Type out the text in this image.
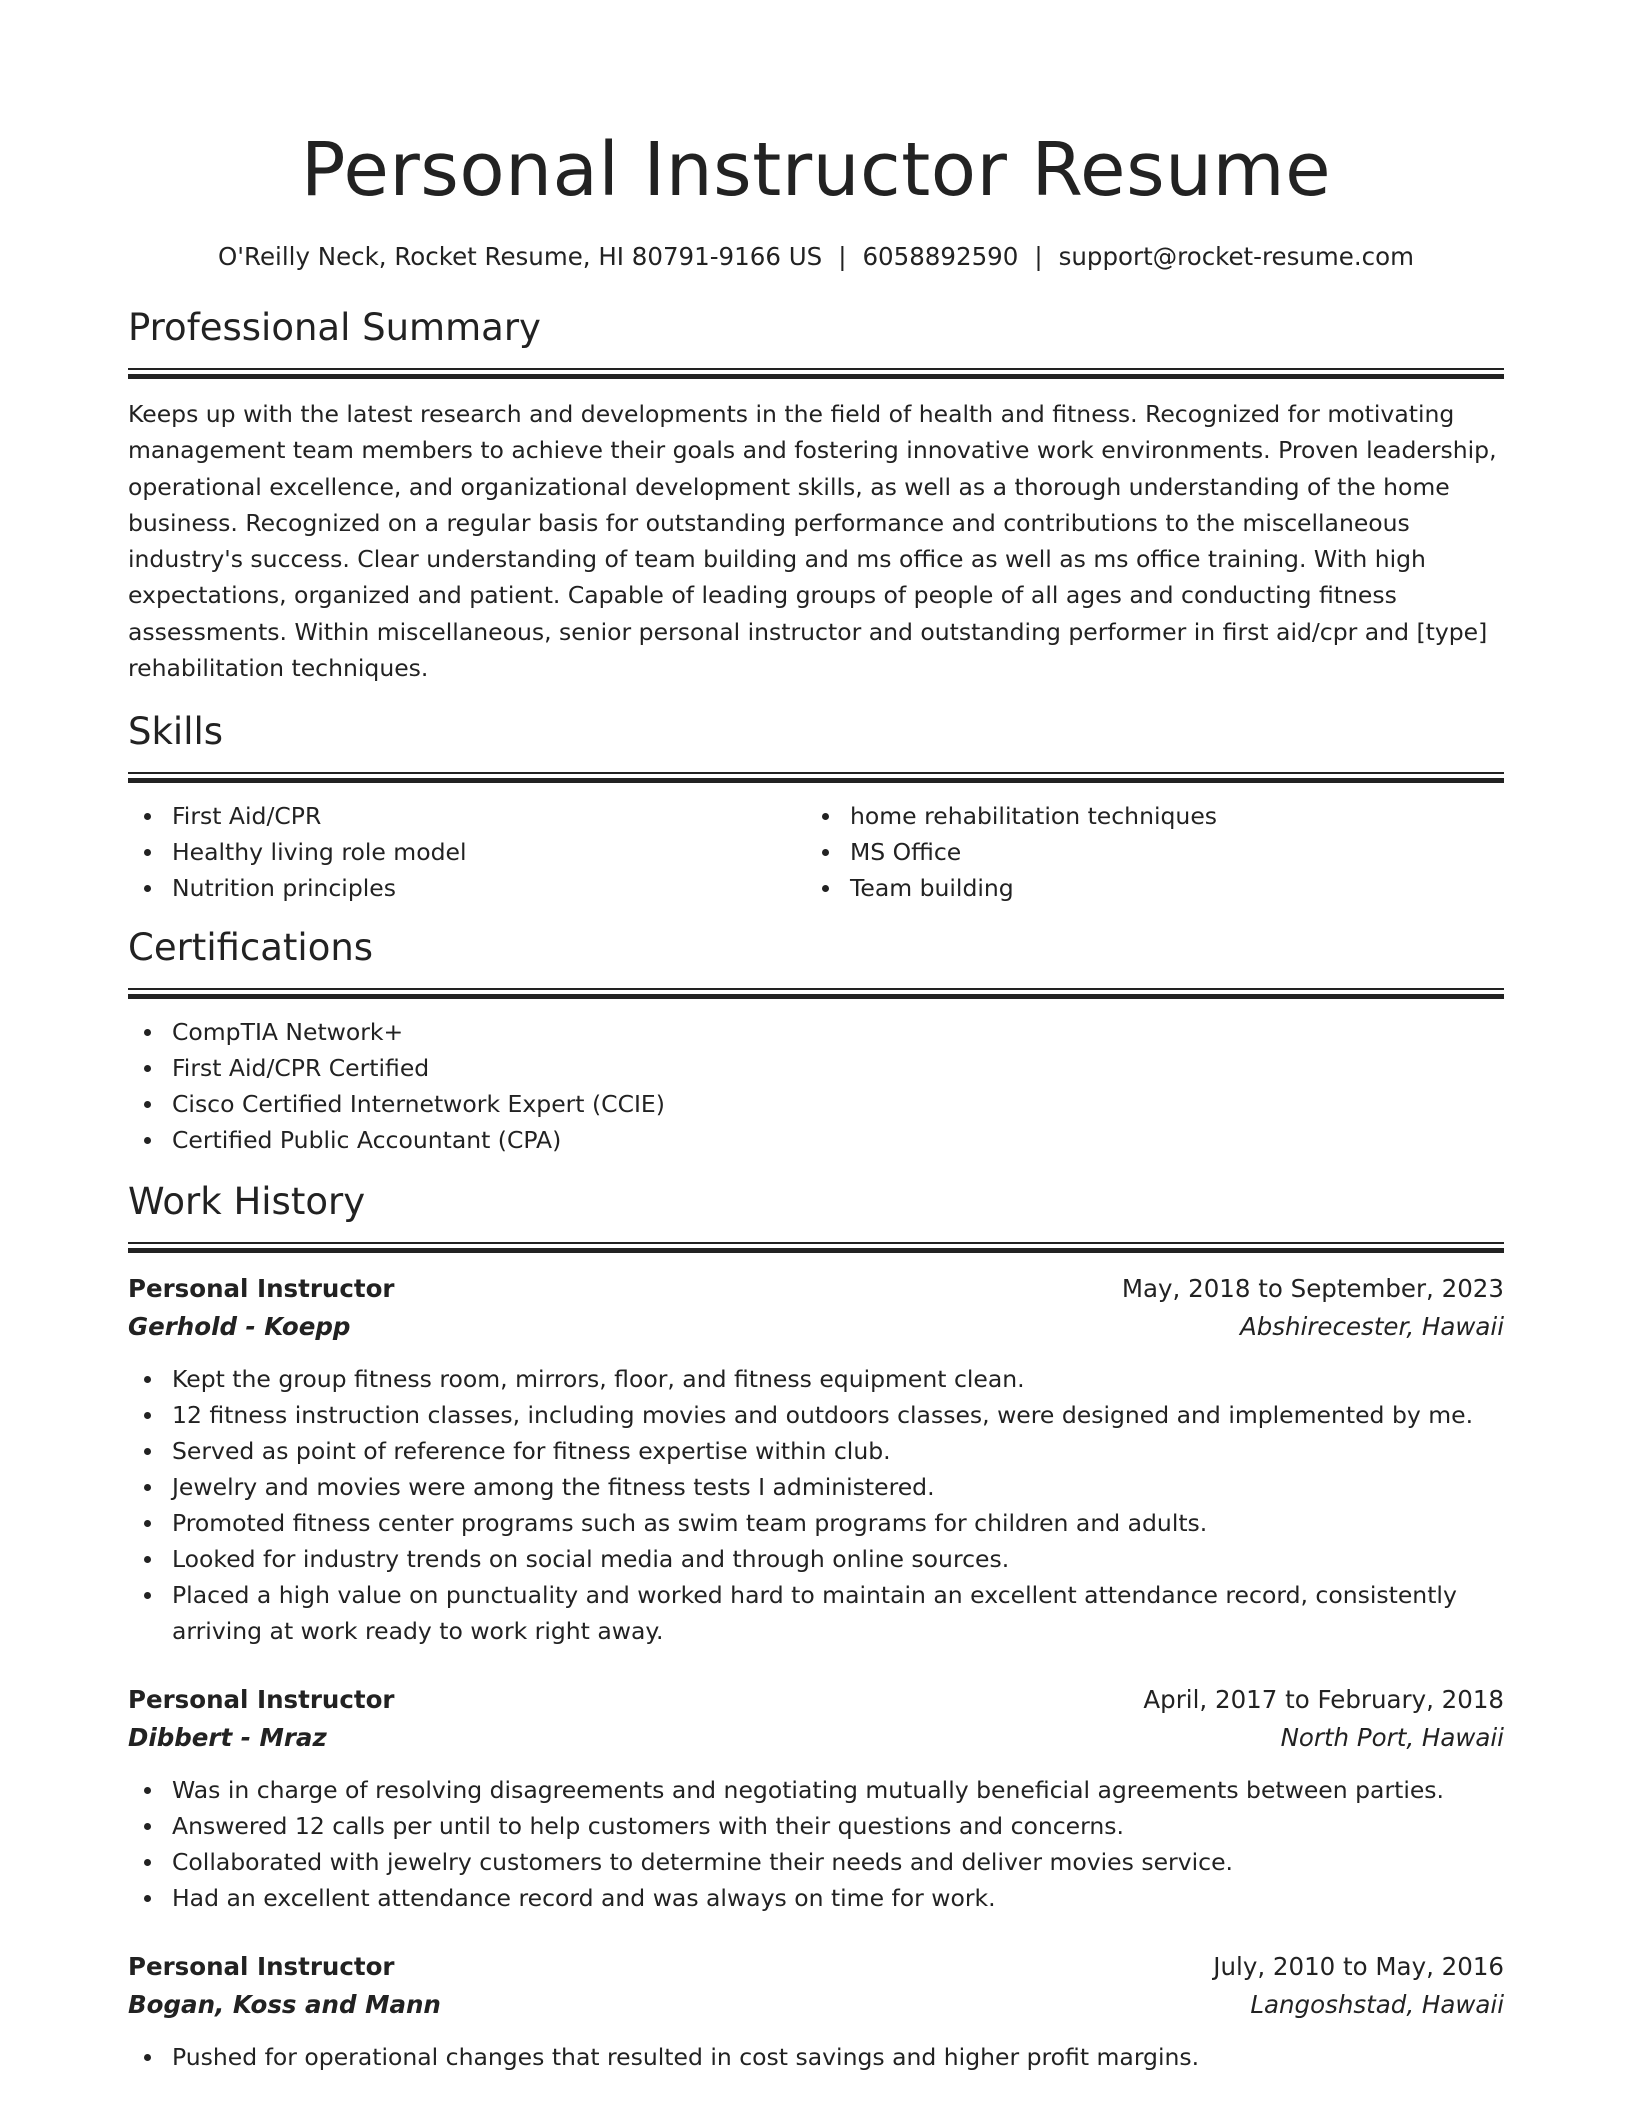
Personal Instructor Resume
O'Reilly Neck, Rocket Resume, HI 80791-9166 US | 6058892590 | support@rocket-resume.com
Professional Summary

Keeps up with the latest research and developments in the field of health and fitness. Recognized for motivating management team members to achieve their goals and fostering innovative work environments. Proven leadership, operational excellence, and organizational development skills, as well as a thorough understanding of the home business. Recognized on a regular basis for outstanding performance and contributions to the miscellaneous industry's success. Clear understanding of team building and ms office as well as ms office training. With high expectations, organized and patient. Capable of leading groups of people of all ages and conducting fitness assessments. Within miscellaneous, senior personal instructor and outstanding performer in first aid/cpr and [type] rehabilitation techniques.

Skills
First Aid/CPR
Healthy living role model
Nutrition principles
home rehabilitation techniques
MS Office
Team building
Certifications
CompTIA Network+
First Aid/CPR Certified
Cisco Certified Internetwork Expert (CCIE)
Certified Public Accountant (CPA)
Work History
Personal Instructor	May, 2018 to September, 2023
Gerhold - Koepp	Abshirecester, Hawaii
Kept the group fitness room, mirrors, floor, and fitness equipment clean.
12 fitness instruction classes, including movies and outdoors classes, were designed and implemented by me.
Served as point of reference for fitness expertise within club.
Jewelry and movies were among the fitness tests I administered.
Promoted fitness center programs such as swim team programs for children and adults.
Looked for industry trends on social media and through online sources.
Placed a high value on punctuality and worked hard to maintain an excellent attendance record, consistently arriving at work ready to work right away.
Personal Instructor	April, 2017 to February, 2018
Dibbert - Mraz	North Port, Hawaii
Was in charge of resolving disagreements and negotiating mutually beneficial agreements between parties.
Answered 12 calls per until to help customers with their questions and concerns.
Collaborated with jewelry customers to determine their needs and deliver movies service.
Had an excellent attendance record and was always on time for work.
Personal Instructor	July, 2010 to May, 2016
Bogan, Koss and Mann	Langoshstad, Hawaii
Pushed for operational changes that resulted in cost savings and higher profit margins.
